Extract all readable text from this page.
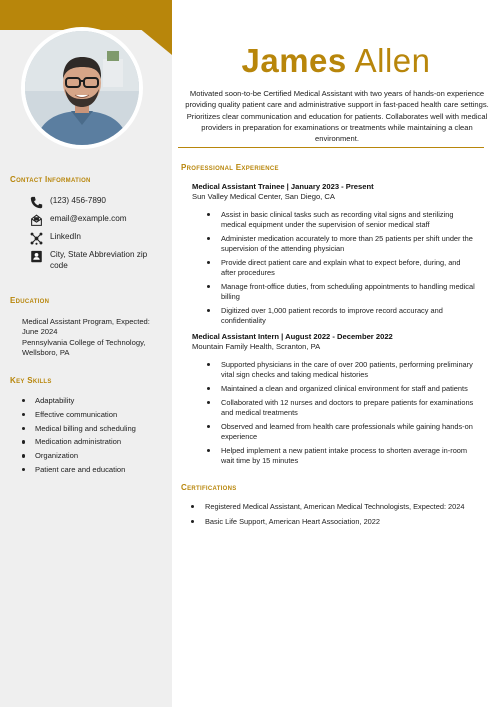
James Allen
Motivated soon-to-be Certified Medical Assistant with two years of hands-on experience providing quality patient care and administrative support in fast-paced health care settings. Prioritizes clear communication and education for patients. Collaborates well with medical providers in preparation for examinations or treatments while maintaining a clean environment.
Contact Information
(123) 456-7890
email@example.com
LinkedIn
City, State Abbreviation zip code
Education
Medical Assistant Program, Expected: June 2024
Pennsylvania College of Technology, Wellsboro, PA
Key Skills
Adaptability
Effective communication
Medical billing and scheduling
Medication administration
Organization
Patient care and education
Professional Experience
Medical Assistant Trainee | January 2023 - Present
Sun Valley Medical Center, San Diego, CA
Assist in basic clinical tasks such as recording vital signs and sterilizing medical equipment under the supervision of senior medical staff
Administer medication accurately to more than 25 patients per shift under the supervision of the attending physician
Provide direct patient care and explain what to expect before, during, and after procedures
Manage front-office duties, from scheduling appointments to handling medical billing
Digitized over 1,000 patient records to improve record accuracy and confidentiality
Medical Assistant Intern | August 2022 - December 2022
Mountain Family Health, Scranton, PA
Supported physicians in the care of over 200 patients, performing preliminary vital sign checks and taking medical histories
Maintained a clean and organized clinical environment for staff and patients
Collaborated with 12 nurses and doctors to prepare patients for examinations and medical treatments
Observed and learned from health care professionals while gaining hands-on experience
Helped implement a new patient intake process to shorten average in-room wait time by 15 minutes
Certifications
Registered Medical Assistant, American Medical Technologists, Expected: 2024
Basic Life Support, American Heart Association, 2022
